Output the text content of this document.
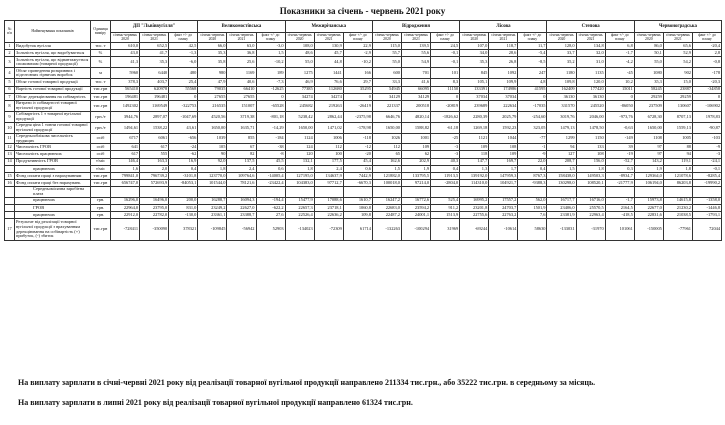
Показники за січень - червень 2021 року
№ п/п	Найменування показників	Одиниця виміру	ДП "Львіввугілля"			Великомостівська			Межирічанська			Відродження			Лісова			Степова			Червоноградська		
			січень-червень 2020	січень-червень 2021	факт +/- до плану	січень-червень 2020	січень-червень 2021	факт +/- до плану	січень-червень 2020	січень-червень 2021	факт +/- до плану	січень-червень 2020	січень-червень 2021	факт +/- до плану	січень-червень 2020	січень-червень 2021	факт +/- до плану	січень-червень 2020	січень-червень 2021	факт +/- до плану	січень-червень 2020	січень-червень 2021	факт +/- до плану
1	Видобуток вугілля	тис. т	610,0	652,5	42,5	66,0	63,0	-3,0	108,0	130,9	22,9	115,0	139,5	24,5	107,0	118,7	11,7	128,0	134,8	6,8	86,0	65,6	-20,4
2	Зольність вугілля, що видобувається	%	43,0	41,7	-1,3	35,3	36,8	1,5	48,6	45,7	-2,9	55,7	55,6	-0,1	34,0	28,6	-5,4	33,7	32,0	-1,7	50,1	52,9	2,8
3	Зольність вугілля, що відвантажується споживачам (товарної продукції)	%	41,3	35,3	-6,0	35,8	25,6	-10,2	55,0	44,8	-10,2	55,0	54,9	-0,1	35,3	26,8	-8,5	35,2	31,0	-4,2	55,0	54,2	-0,8
4	Обсяг проведення розкривних і підготовчих гірничих виробок	м	5960	6440	480	980	1169	189	1275	1441	166	600	701	101	845	1092	247	1180	1135	-45	1080	902	-178
5	Обсяг готової товарної продукції	тис. т	378,3	403,7	25,4	47,9	40,6	-7,3	46,9	76,6	29,7	33,3	41,6	8,3	105,1	109,9	4,8	109,8	120,0	10,2	35,3	15,0	-20,3
6	Вартість готової товарної продукції	тис.грн	565410	620978	55568	79035	66410	-12625	77385	112680	35295	54945	66095	11150	133391	174986	41595	162409	177420	15011	58245	23887	-34858
7	Обсяг дерекціювання на собівартість	тис.грн	196481	196481	0	27655	27655	0	34274	34274	0	34129	34129	0	37034	37034	0	36130	36130	0	29259	29259	0
8	Витрати із собівартості товарної вугільної продукції	тис.грн	1492302	1169549	-322753	216535	151007	-65528	245682	219263	-26419	221337	200518	-20819	239689	222634	-17035	331570	245520	-86050	237509	130607	-106902
9	Собівартість 1 т товарної вугільної продукції	грн./т	3944,76	2897,07	-1047,69	4520,56	3719,38	-801,18	5238,42	2862,44	-2375,98	6646,76	4820,14	-1826,62	2280,39	2025,79	-254,60	3019,76	2046,00	-973,76	6728,30	8707,13	1978,83
10	Середня ціна 1 тонни готової товарної вугільної продукції	грн./т	1494,61	1538,22	43,61	1650,00	1635,71	-14,29	1650,00	1471,02	-178,98	1650,00	1588,82	-61,18	1269,18	1592,23	323,05	1479,13	1478,50	-0,63	1650,00	1559,13	-90,87
11	Середньооблікова чисельність трудящих	осіб	6717	6061	-656	1039	855	-184	1124	1006	-118	1026	1001	-25	1121	1044	-77	1299	1150	-149	1108	1005	-103
12	Чисельність ГРОВ	осіб	641	617	-24	105	67	-38	124	112	-12	112	109	-3	109	108	-1	94	133	39	97	88	-9
13	Чисельність працюючих	осіб	617	555	-62	90	82	-8	120	100	-20	65	62	-3	118	109	-9	127	108	-19	97	94	-3
14	Продуктивність ГРОВ	т/міс	146,4	163,3	16,9	92,0	137,5	45,5	132,1	177,5	45,4	162,6	202,9	40,3	147,7	169,7	22,0	208,7	156,0	-52,7	143,2	119,1	-24,1
	працюючих	т/міс	1,6	2,0	0,4	1,8	2,4	0,6	1,8	2,4	0,6	1,5	1,9	0,4	1,3	1,7	0,4	1,5	1,8	0,3	1,9	1,8	-0,1
15	Фонд оплати праці з нарахуванням	тис.грн	799841,0	796739,2	-3101,8	123770,0	109764,6	-14005,4	127195,0	134637,9	7442,9	121882,0	133795,5	11913,5	139192,0	147959,3	8767,3	158438,0	149503,3	-8934,7	129364,0	121078,6	-8285,4
16	Фонд оплати праці без нарахувань	тис.грн	656747,0	572693,9	-84053,1	101544,0	78121,6	-23422,4	104383,0	97712,7	-6670,3	100018,0	97214,0	-2804,0	114310,0	104921,7	-9388,3	130298,0	108520,1	-21777,9	106194,0	86203,8	-19990,2
	Середньомісячна заробітна плата																						
	працюючих	грн.	16296,0	16496,0	200,0	16288,7	16094,3	-194,4	15477,9	17088,6	1610,7	16247,2	16772,6	525,4	16995,2	17557,2	562,0	16717,7	16716,0	-1,7	15973,8	14615,8	-1358,0
	ГРОВ	грн.	22964,0	23795,0	831,0	23249,2	22627,0	-622,2	22657,3	23718,1	1060,8	22683,0	23594,2	911,2	23201,8	24703,7	1501,9	23406,0	25570,5	2164,5	22677,0	21230,2	-1446,8
	працюючих	грн.	22912,0	22782,0	-130,0	23361,1	23388,7	27,6	22526,4	22636,2	109,8	22487,2	24001,1	1513,9	22755,6	22763,2	7,6	23381,9	22963,4	-418,5	22831,6	21038,5	-1793,1
17	Результат від реалізації товарної вугільної продукції з врахуванням дерекціювання на собівартість (+) прибуток, (-) збиток	тис.грн	-728411	-350090	378321	-109845	-56942	52903	-134023	-72309	61714	-132263	-100294	31969	-69244	-10614	58630	-133031	-31970	101061	-150005	-77961	72044
На виплату зарплати в січні-червні 2021 року від реалізації товарної вугільної продукції направлено 211334 тис.грн., або 35222 тис.грн. в середньому за місяць.
На виплату зарплати в липні 2021 року від реалізації товарної вугільної продукції направлено 61324 тис.грн.
